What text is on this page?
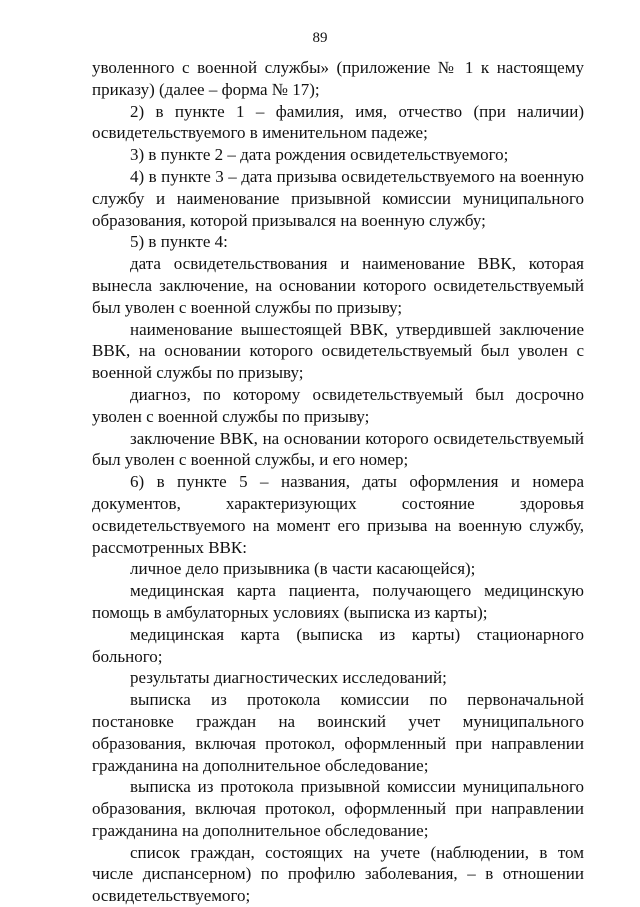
89

уволенного с военной службы» (приложение № 1 к настоящему приказу) (далее – форма № 17);

2) в пункте 1 – фамилия, имя, отчество (при наличии) освидетельствуемого в именительном падеже;

3) в пункте 2 – дата рождения освидетельствуемого;

4) в пункте 3 – дата призыва освидетельствуемого на военную службу и наименование призывной комиссии муниципального образования, которой призывался на военную службу;

5) в пункте 4:

дата освидетельствования и наименование ВВК, которая вынесла заключение, на основании которого освидетельствуемый был уволен с военной службы по призыву;

наименование вышестоящей ВВК, утвердившей заключение ВВК, на основании которого освидетельствуемый был уволен с военной службы по призыву;

диагноз, по которому освидетельствуемый был досрочно уволен с военной службы по призыву;

заключение ВВК, на основании которого освидетельствуемый был уволен с военной службы, и его номер;

6) в пункте 5 – названия, даты оформления и номера документов, характеризующих состояние здоровья освидетельствуемого на момент его призыва на военную службу, рассмотренных ВВК:

личное дело призывника (в части касающейся);

медицинская карта пациента, получающего медицинскую помощь в амбулаторных условиях (выписка из карты);

медицинская карта (выписка из карты) стационарного больного;

результаты диагностических исследований;

выписка из протокола комиссии по первоначальной постановке граждан на воинский учет муниципального образования, включая протокол, оформленный при направлении гражданина на дополнительное обследование;

выписка из протокола призывной комиссии муниципального образования, включая протокол, оформленный при направлении гражданина на дополнительное обследование;

список граждан, состоящих на учете (наблюдении, в том числе диспансерном) по профилю заболевания, – в отношении освидетельствуемого;
